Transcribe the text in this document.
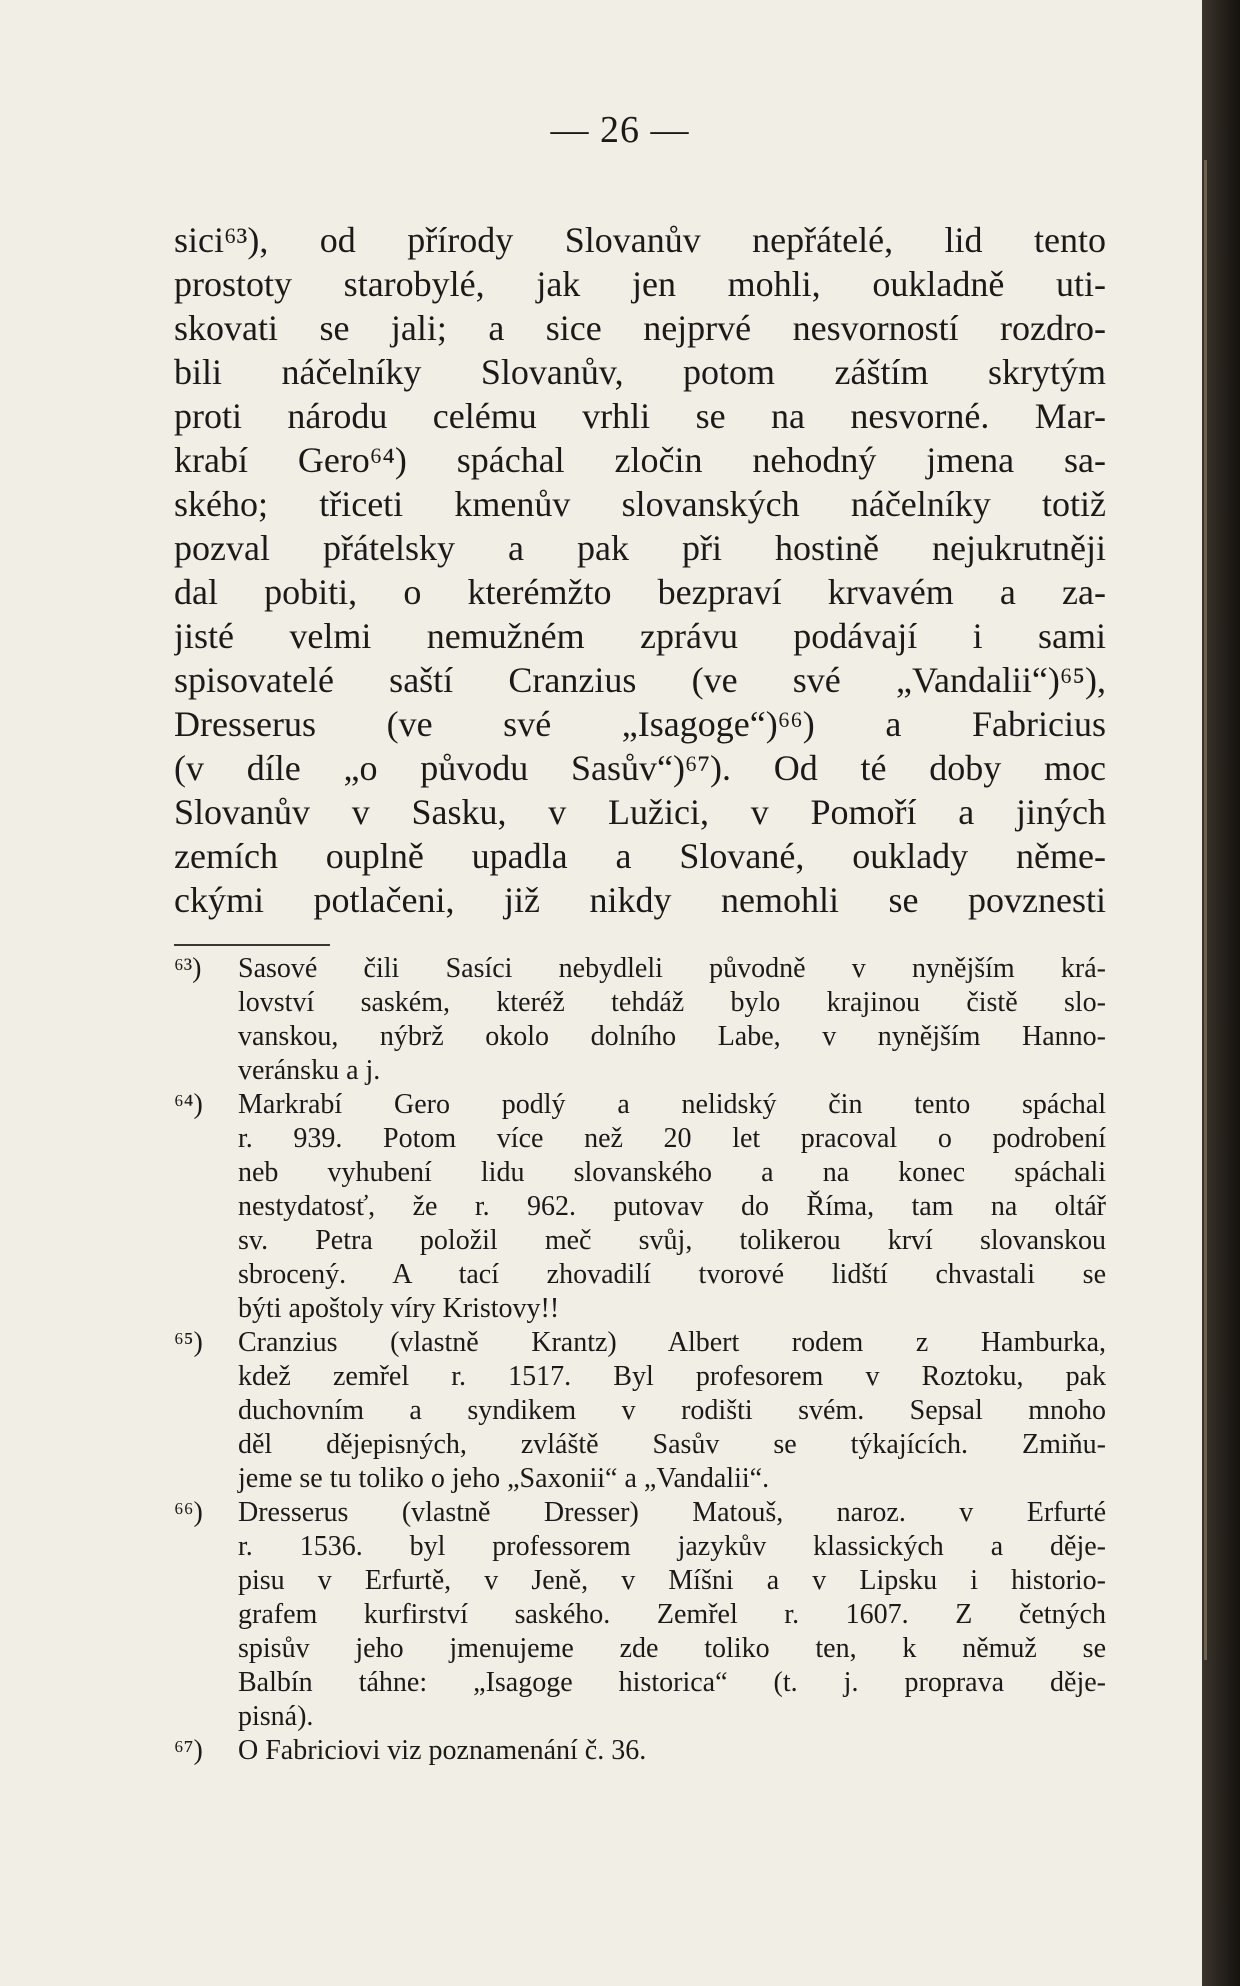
— 26 —
sici⁶³), od přírody Slovanův nepřátelé, lid tento
prostoty starobylé, jak jen mohli, oukladně uti-
skovati se jali; a sice nejprvé nesvorností rozdro-
bili náčelníky Slovanův, potom záštím skrytým
proti národu celému vrhli se na nesvorné. Mar-
krabí Gero⁶⁴) spáchal zločin nehodný jmena sa-
ského; třiceti kmenův slovanských náčelníky totiž
pozval přátelsky a pak při hostině nejukrutněji
dal pobiti, o kterémžto bezpraví krvavém a za-
jisté velmi nemužném zprávu podávají i sami
spisovatelé saští Cranzius (ve své „Vandalii“)⁶⁵),
Dresserus (ve své „Isagoge“)⁶⁶) a Fabricius
(v díle „o původu Sasův“)⁶⁷). Od té doby moc
Slovanův v Sasku, v Lužici, v Pomoří a jiných
zemích ouplně upadla a Slované, ouklady něme-
ckými potlačeni, již nikdy nemohli se povznesti
⁶³)	Sasové čili Sasíci nebydleli původně v nynějším krá-
lovství saském, kteréž tehdáž bylo krajinou čistě slo-
vanskou, nýbrž okolo dolního Labe, v nynějším Hanno-
veránsku a j.
⁶⁴)	Markrabí Gero podlý a nelidský čin tento spáchal
r. 939. Potom více než 20 let pracoval o podrobení
neb vyhubení lidu slovanského a na konec spáchali
nestydatosť, že r. 962. putovav do Říma, tam na oltář
sv. Petra položil meč svůj, tolikerou krví slovanskou
sbrocený. A tací zhovadilí tvorové lidští chvastali se
býti apoštoly víry Kristovy!!
⁶⁵)	Cranzius (vlastně Krantz) Albert rodem z Hamburka,
kdež zemřel r. 1517. Byl profesorem v Roztoku, pak
duchovním a syndikem v rodišti svém. Sepsal mnoho
děl dějepisných, zvláště Sasův se týkajících. Zmiňu-
jeme se tu toliko o jeho „Saxonii“ a „Vandalii“.
⁶⁶)	Dresserus (vlastně Dresser) Matouš, naroz. v Erfurté
r. 1536. byl professorem jazykův klassických a děje-
pisu v Erfurtě, v Jeně, v Míšni a v Lipsku i historio-
grafem kurfirství saského. Zemřel r. 1607. Z četných
spisův jeho jmenujeme zde toliko ten, k němuž se
Balbín táhne: „Isagoge historica“ (t. j. proprava děje-
pisná).
⁶⁷)	O Fabriciovi viz poznamenání č. 36.
